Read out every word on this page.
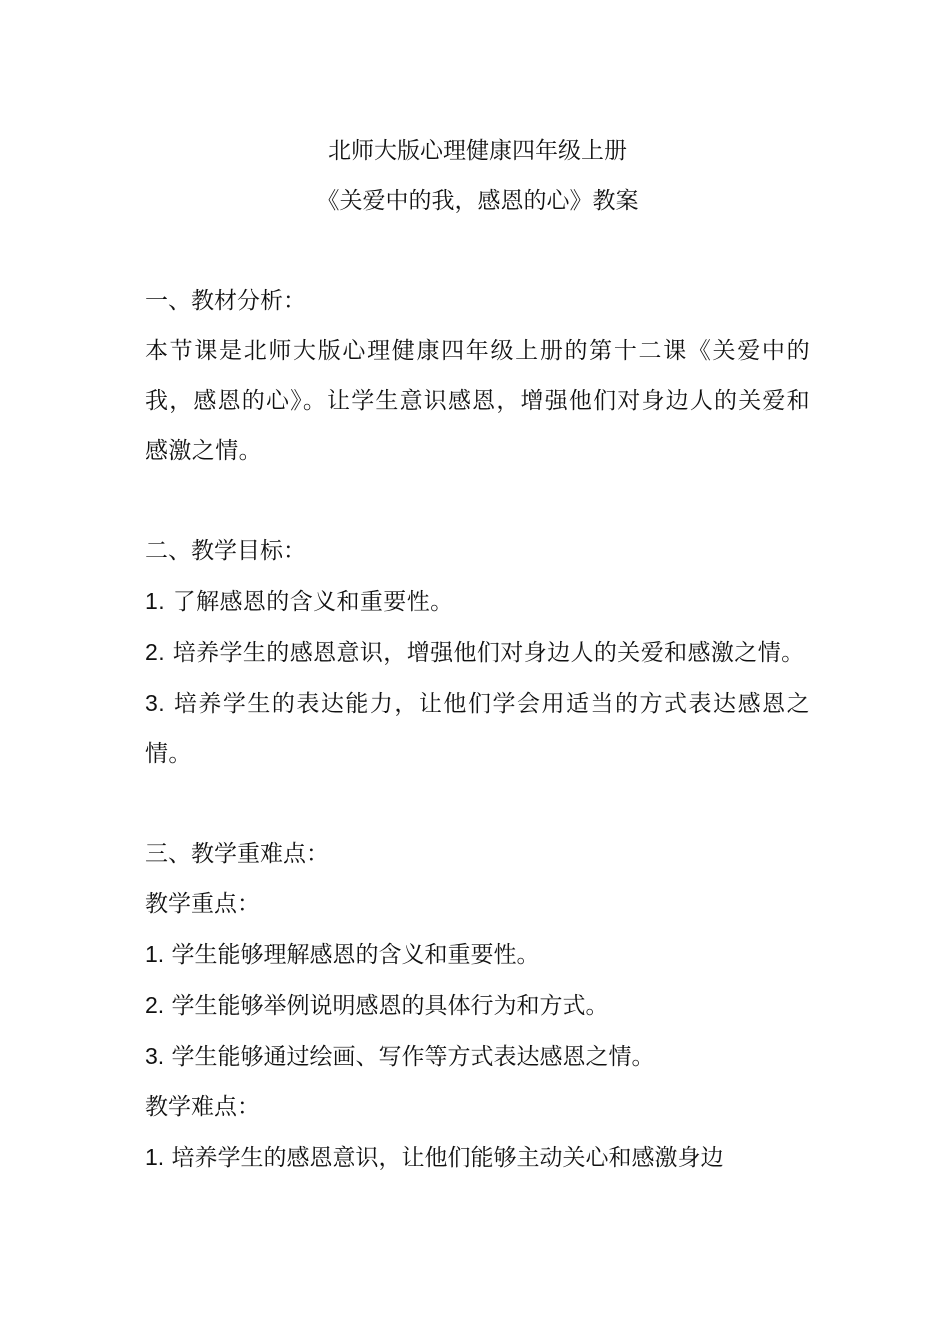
北师大版心理健康四年级上册
《关爱中的我，感恩的心》教案
一、教材分析：
本节课是北师大版心理健康四年级上册的第十二课《关爱中的我，感恩的心》。让学生意识感恩，增强他们对身边人的关爱和感激之情。
二、教学目标：
1. 了解感恩的含义和重要性。
2. 培养学生的感恩意识，增强他们对身边人的关爱和感激之情。
3. 培养学生的表达能力，让他们学会用适当的方式表达感恩之情。
三、教学重难点：
教学重点：
1. 学生能够理解感恩的含义和重要性。
2. 学生能够举例说明感恩的具体行为和方式。
3. 学生能够通过绘画、写作等方式表达感恩之情。
教学难点：
1. 培养学生的感恩意识，让他们能够主动关心和感激身边
